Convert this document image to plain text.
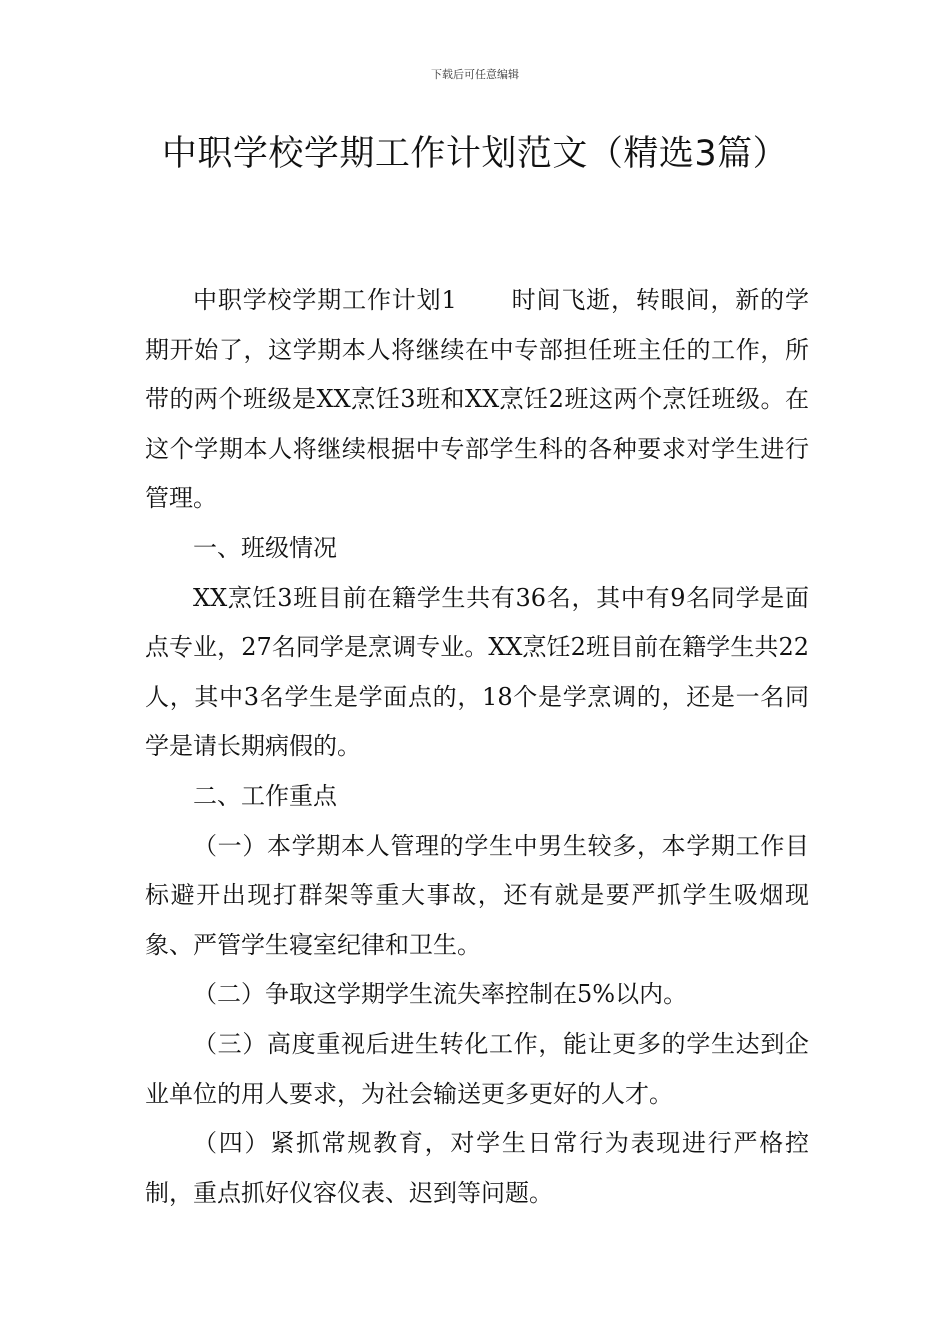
下载后可任意编辑
中职学校学期工作计划范文（精选3篇）

中职学校学期工作计划1 时间飞逝，转眼间，新的学期开始了，这学期本人将继续在中专部担任班主任的工作，所带的两个班级是XX烹饪3班和XX烹饪2班这两个烹饪班级。在这个学期本人将继续根据中专部学生科的各种要求对学生进行管理。

一、班级情况

XX烹饪3班目前在籍学生共有36名，其中有9名同学是面点专业，27名同学是烹调专业。XX烹饪2班目前在籍学生共22人，其中3名学生是学面点的，18个是学烹调的，还是一名同学是请长期病假的。

二、工作重点

（一）本学期本人管理的学生中男生较多，本学期工作目标避开出现打群架等重大事故，还有就是要严抓学生吸烟现象、严管学生寝室纪律和卫生。

（二）争取这学期学生流失率控制在5%以内。

（三）高度重视后进生转化工作，能让更多的学生达到企业单位的用人要求，为社会输送更多更好的人才。

（四）紧抓常规教育，对学生日常行为表现进行严格控制，重点抓好仪容仪表、迟到等问题。
